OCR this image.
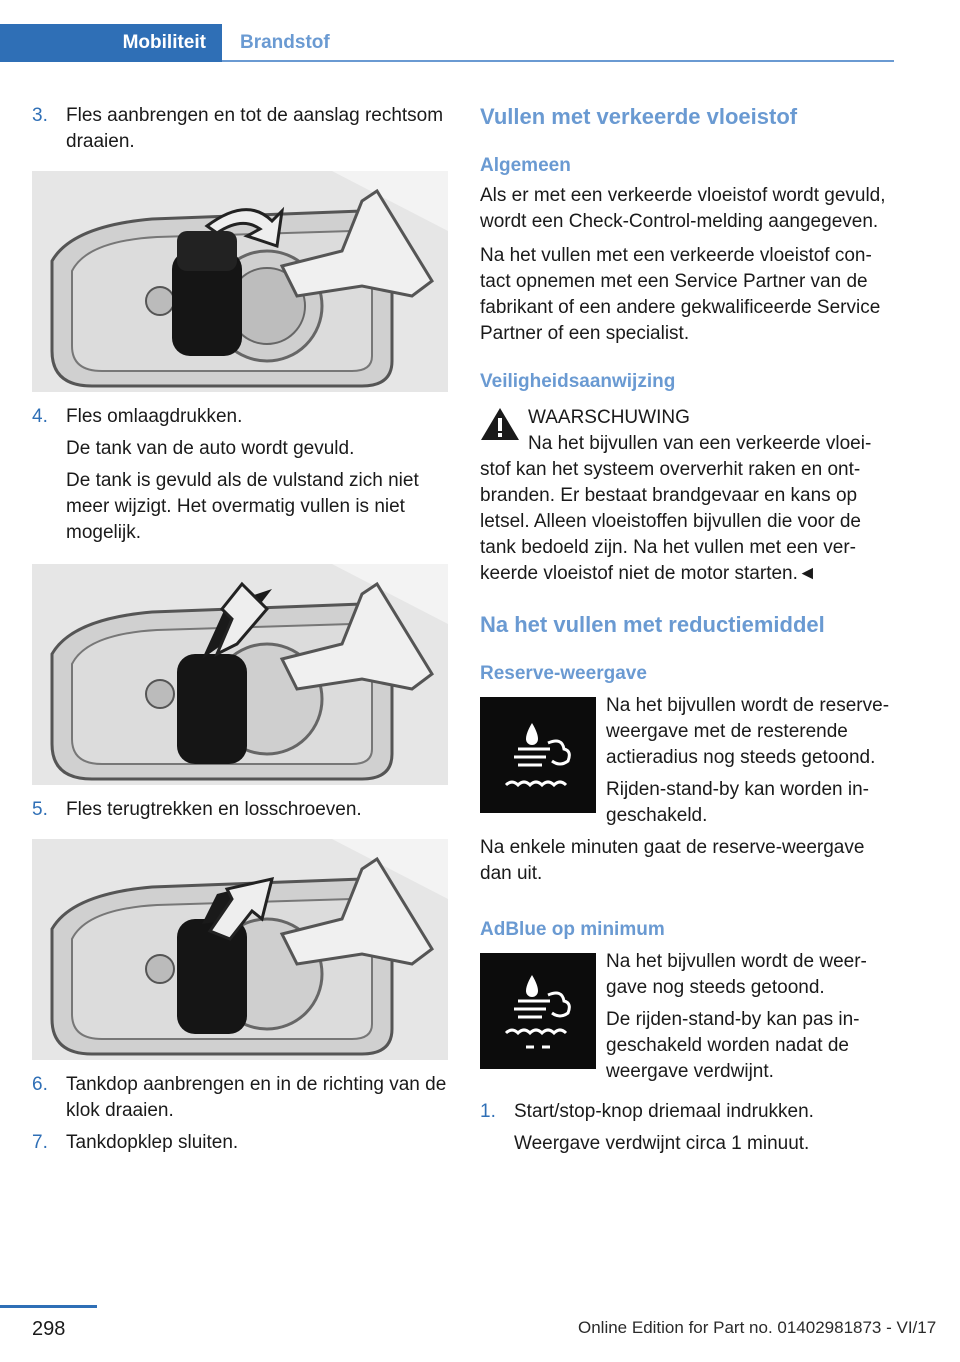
Mobiliteit Brandstof
3. Fles aanbrengen en tot de aanslag rechtsom draaien.

4. Fles omlaagdrukken.

De tank van de auto wordt gevuld.

De tank is gevuld als de vulstand zich niet meer wijzigt. Het overmatig vullen is niet mogelijk.

5. Fles terugtrekken en losschroeven.

6. Tankdop aanbrengen en in de richting van de klok draaien.

7. Tankdopklep sluiten.

Vullen met verkeerde vloeistof
Algemeen

Als er met een verkeerde vloeistof wordt gevuld, wordt een Check-Control-melding aangegeven.

Na het vullen met een verkeerde vloeistof contact opnemen met een Service Partner van de fabrikant of een andere gekwalificeerde Service Partner of een specialist.

Veiligheidsaanwijzing
WAARSCHUWING
Na het bijvullen van een verkeerde vloeistof kan het systeem oververhit raken en ontbranden. Er bestaat brandgevaar en kans op letsel. Alleen vloeistoffen bijvullen die voor de tank bedoeld zijn. Na het vullen met een verkeerde vloeistof niet de motor starten.◄
Na het vullen met reductiemiddel
Reserve-weergave

Na het bijvullen wordt de reserve-weergave met de resterende actieradius nog steeds getoond.

Rijden-stand-by kan worden ingeschakeld.

Na enkele minuten gaat de reserve-weergave dan uit.

AdBlue op minimum

Na het bijvullen wordt de weergave nog steeds getoond.

De rijden-stand-by kan pas ingeschakeld worden nadat de weergave verdwijnt.

1. Start/stop-knop driemaal indrukken.

Weergave verdwijnt circa 1 minuut.

298	Online Edition for Part no. 01402981873 - VI/17
